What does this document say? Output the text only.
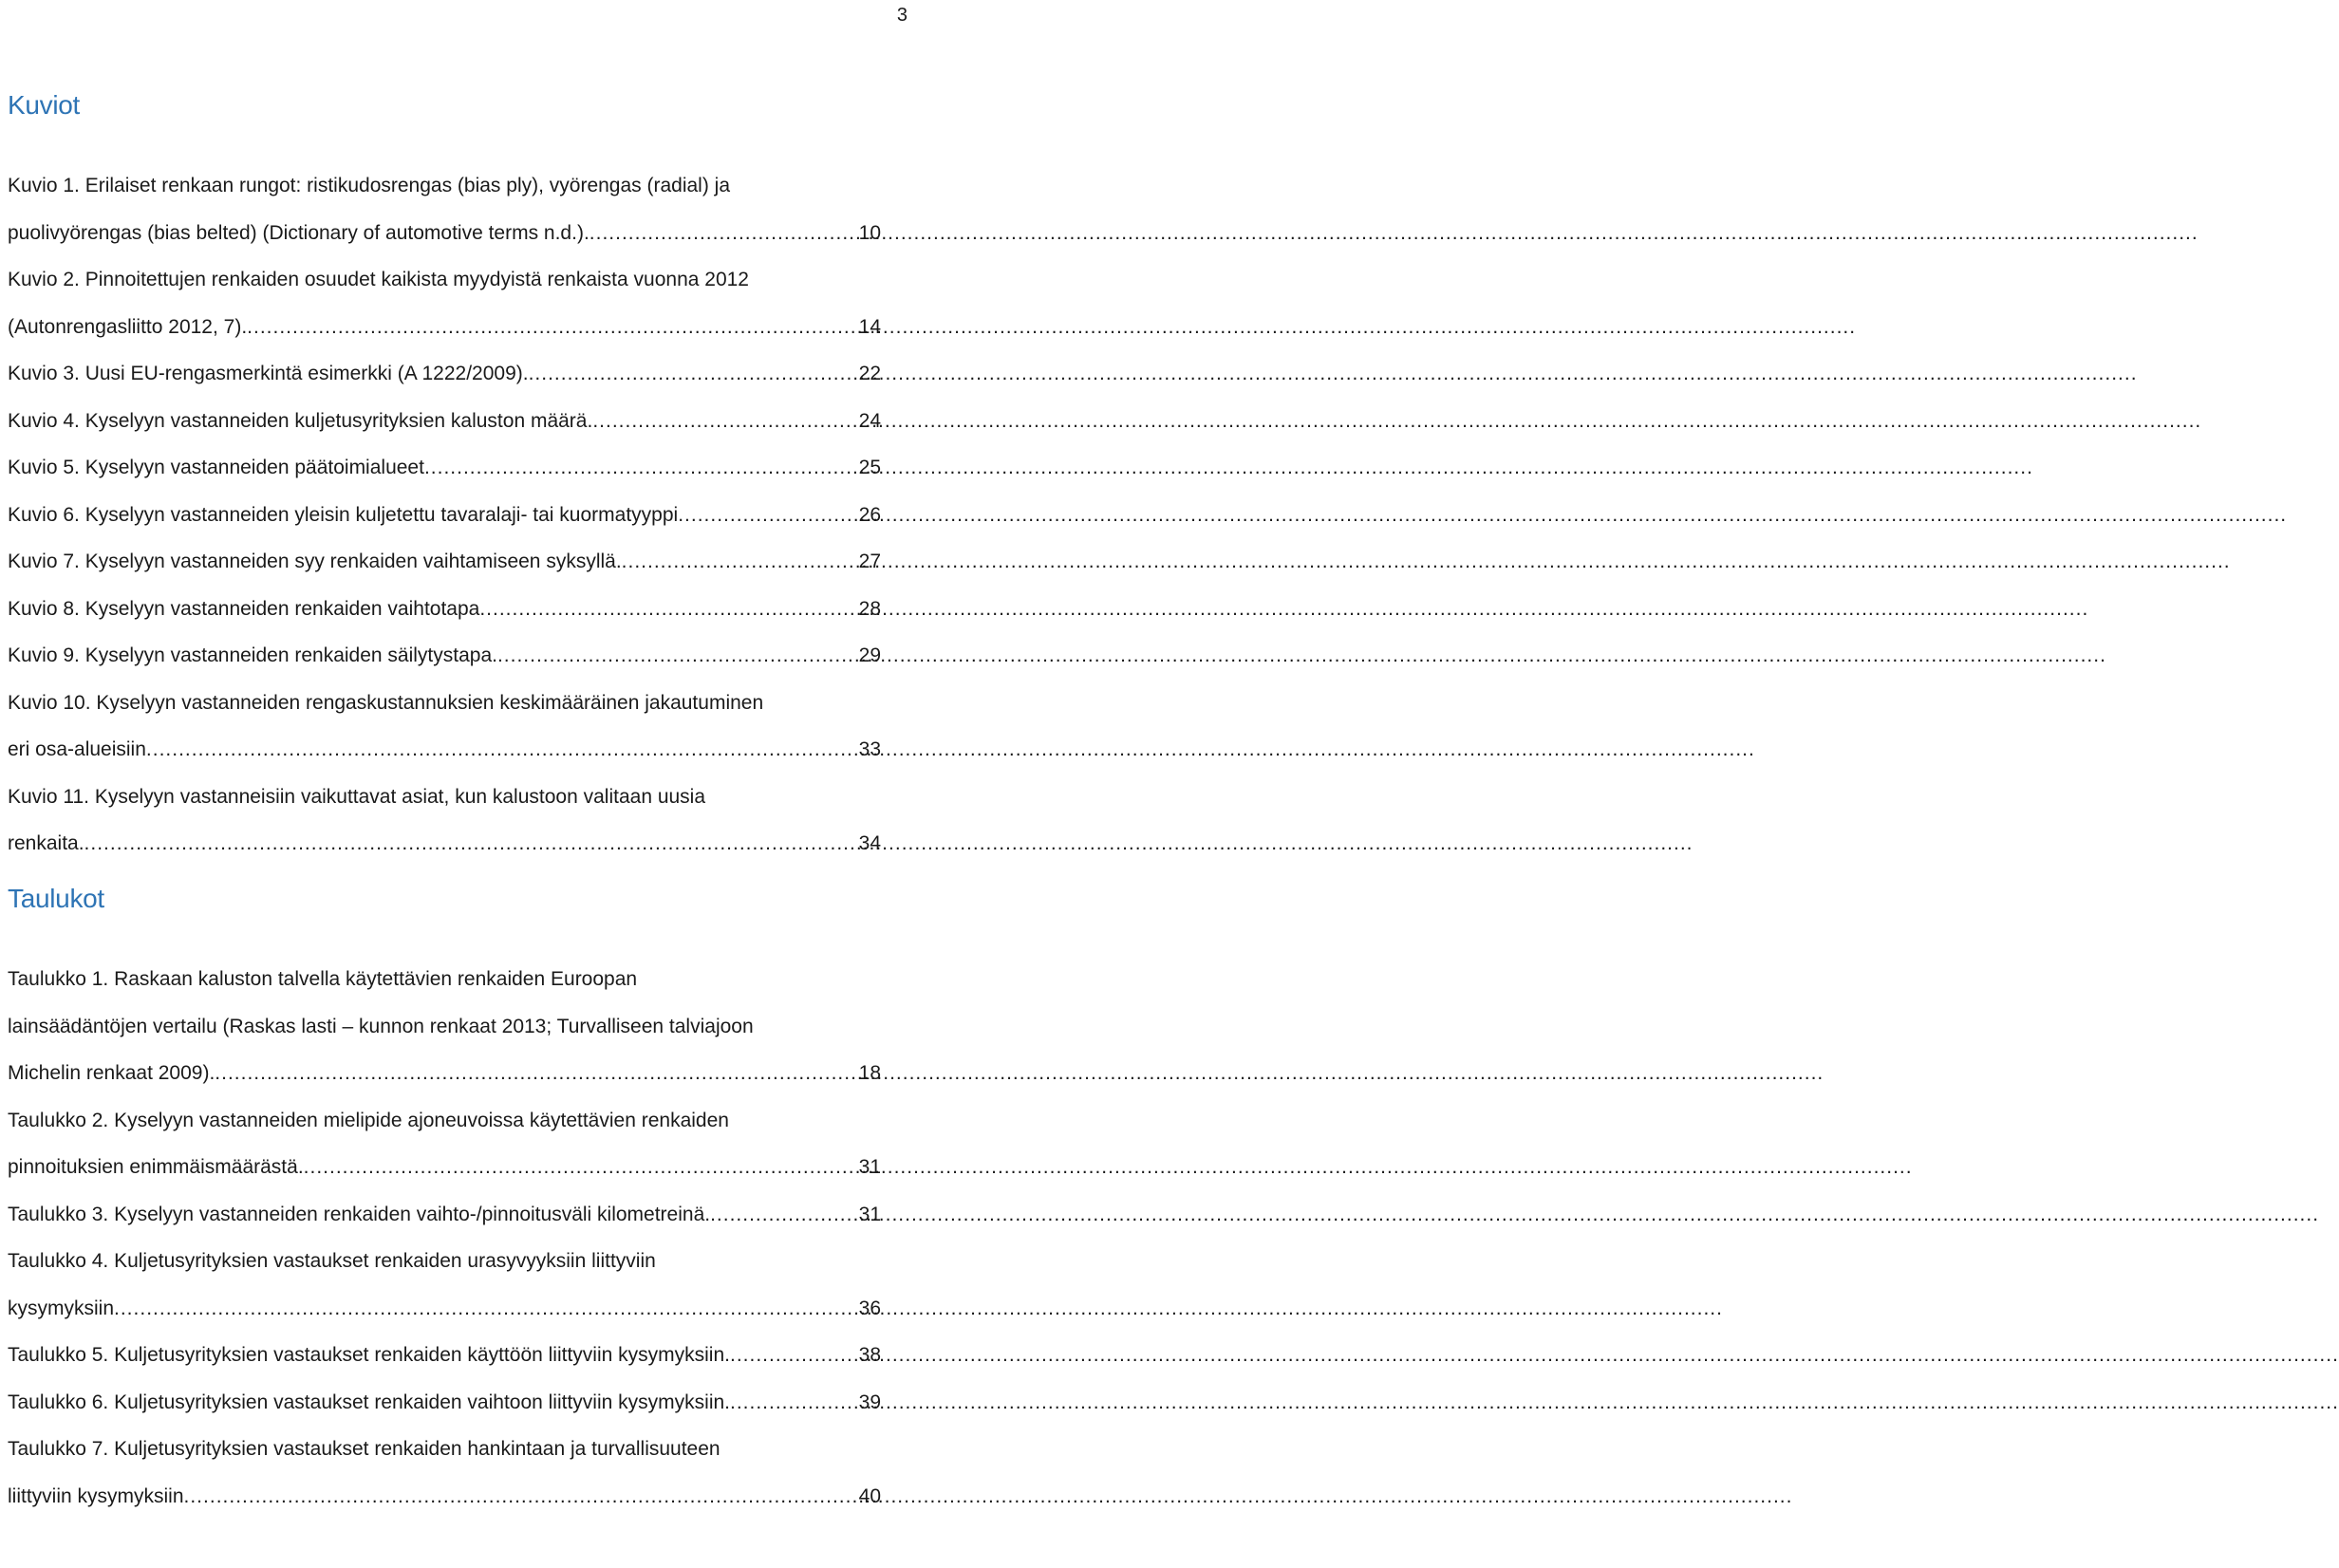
3
Kuviot
Kuvio 1. Erilaiset renkaan rungot: ristikudosrengas (bias ply), vyörengas (radial) ja
puolivyörengas (bias belted) (Dictionary of automotive terms n.d.). .....	10
Kuvio 2. Pinnoitettujen renkaiden osuudet kaikista myydyistä renkaista vuonna 2012
(Autonrengasliitto 2012, 7). .....	14
Kuvio 3. Uusi EU-rengasmerkintä esimerkki (A 1222/2009). .....	22
Kuvio 4. Kyselyyn vastanneiden kuljetusyrityksien kaluston määrä. .....	24
Kuvio 5. Kyselyyn vastanneiden päätoimialueet .....	25
Kuvio 6. Kyselyyn vastanneiden yleisin kuljetettu tavaralaji- tai kuormatyyppi .....	26
Kuvio 7. Kyselyyn vastanneiden syy renkaiden vaihtamiseen syksyllä. .....	27
Kuvio 8. Kyselyyn vastanneiden renkaiden vaihtotapa .....	28
Kuvio 9. Kyselyyn vastanneiden renkaiden säilytystapa. .....	29
Kuvio 10. Kyselyyn vastanneiden rengaskustannuksien keskimääräinen jakautuminen
eri osa-alueisiin .....	33
Kuvio 11. Kyselyyn vastanneisiin vaikuttavat asiat, kun kalustoon valitaan uusia
renkaita. .....	34
Taulukot
Taulukko 1. Raskaan kaluston talvella käytettävien renkaiden Euroopan
lainsäädäntöjen vertailu (Raskas lasti – kunnon renkaat 2013; Turvalliseen talviajoon
Michelin renkaat 2009). .....	18
Taulukko 2. Kyselyyn vastanneiden mielipide ajoneuvoissa käytettävien renkaiden
pinnoituksien enimmäismäärästä. .....	31
Taulukko 3. Kyselyyn vastanneiden renkaiden vaihto-/pinnoitusväli kilometreinä. .....	31
Taulukko 4. Kuljetusyrityksien vastaukset renkaiden urasyvyyksiin liittyviin
kysymyksiin .....	36
Taulukko 5. Kuljetusyrityksien vastaukset renkaiden käyttöön liittyviin kysymyksiin. .....	38
Taulukko 6. Kuljetusyrityksien vastaukset renkaiden vaihtoon liittyviin kysymyksiin. .....	39
Taulukko 7. Kuljetusyrityksien vastaukset renkaiden hankintaan ja turvallisuuteen
liittyviin kysymyksiin .....	40
